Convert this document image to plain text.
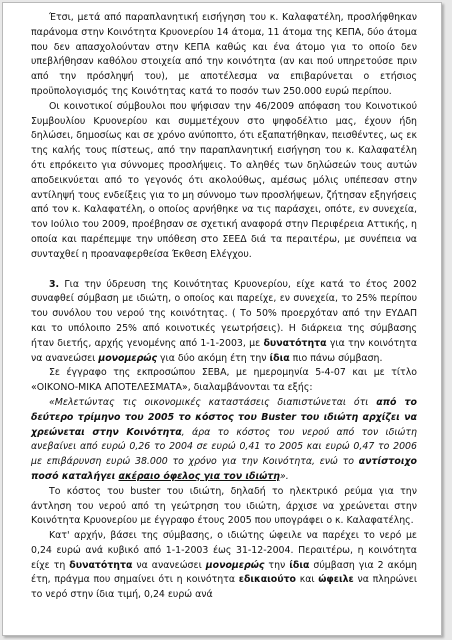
Έτσι, μετά από παραπλανητική εισήγηση του κ. Καλαφατέλη, προσλήφθηκαν παράνομα στην Κοινότητα Κρυονερίου 14 άτομα, 11 άτομα της ΚΕΠΑ, δύο άτομα που δεν απασχολούνταν στην ΚΕΠΑ καθώς και ένα άτομο για το οποίο δεν υπεβλήθησαν καθόλου στοιχεία από την κοινότητα (αν και πού υπηρετούσε πριν από την πρόσληψή του), με αποτέλεσμα να επιβαρύνεται ο ετήσιος προϋπολογισμός της Κοινότητας κατά το ποσόν των 250.000 ευρώ περίπου.

Οι κοινοτικοί σύμβουλοι που ψήφισαν την 46/2009 απόφαση του Κοινοτικού Συμβουλίου Κρυονερίου και συμμετέχουν στο ψηφοδέλτιο μας, έχουν ήδη δηλώσει, δημοσίως και σε χρόνο ανύποπτο, ότι εξαπατήθηκαν, πεισθέντες, ως εκ της καλής τους πίστεως, από την παραπλανητική εισήγηση του κ. Καλαφατέλη ότι επρόκειτο για σύννομες προσλήψεις. Το αληθές των δηλώσεών τους αυτών αποδεικνύεται από το γεγονός ότι ακολούθως, αμέσως μόλις υπέπεσαν στην αντίληψή τους ενδείξεις για το μη σύννομο των προσλήψεων, ζήτησαν εξηγήσεις από τον κ. Καλαφατέλη, ο οποίος αρνήθηκε να τις παράσχει, οπότε, εν συνεχεία, τον Ιούλιο του 2009, προέβησαν σε σχετική αναφορά στην Περιφέρεια Αττικής, η οποία και παρέπεμψε την υπόθεση στο ΣΕΕΔ διά τα περαιτέρω, με συνέπεια να συνταχθεί η προαναφερθείσα Έκθεση Ελέγχου.

3. Για την ύδρευση της Κοινότητας Κρυονερίου, είχε κατά το έτος 2002 συναφθεί σύμβαση με ιδιώτη, ο οποίος και παρείχε, εν συνεχεία, το 25% περίπου του συνόλου του νερού της κοινότητας. ( Το 50% προερχόταν από την ΕΥΔΑΠ και το υπόλοιπο 25% από κοινοτικές γεωτρήσεις). Η διάρκεια της σύμβασης ήταν διετής, αρχής γενομένης από 1-1-2003, με δυνατότητα για την κοινότητα να ανανεώσει μονομερώς για δύο ακόμη έτη την ίδια πιο πάνω σύμβαση.

Σε έγγραφο της εκπροσώπου ΣΕΒΑ, με ημερομηνία 5-4-07 και με τίτλο «ΟΙΚΟΝΟ-ΜΙΚΑ ΑΠΟΤΕΛΕΣΜΑΤΑ», διαλαμβάνονται τα εξής:

«Μελετώντας τις οικονομικές καταστάσεις διαπιστώνεται ότι από το δεύτερο τρίμηνο του 2005 το κόστος του Buster του ιδιώτη αρχίζει να χρεώνεται στην Κοινότητα, άρα το κόστος του νερού από τον ιδιώτη ανεβαίνει από ευρώ 0,26 το 2004 σε ευρώ 0,41 το 2005 και ευρώ 0,47 το 2006 με επιβάρυνση ευρώ 38.000 το χρόνο για την Κοινότητα, ενώ το αντίστοιχο ποσό καταλήγει ακέραιο όφελος για τον ιδιώτη».

Το κόστος του buster του ιδιώτη, δηλαδή το ηλεκτρικό ρεύμα για την άντληση του νερού από τη γεώτρηση του ιδιώτη, άρχισε να χρεώνεται στην Κοινότητα Κρυονερίου με έγγραφο έτους 2005 που υπογράφει ο κ. Καλαφατέλης.

Κατ' αρχήν, βάσει της σύμβασης, ο ιδιώτης ώφειλε να παρέχει το νερό με 0,24 ευρώ ανά κυβικό από 1-1-2003 έως 31-12-2004. Περαιτέρω, η κοινότητα είχε τη δυνατότητα να ανανεώσει μονομερώς την ίδια σύμβαση για 2 ακόμη έτη, πράγμα που σημαίνει ότι η κοινότητα εδικαιούτο και ώφειλε να πληρώνει το νερό στην ίδια τιμή, 0,24 ευρώ ανά
